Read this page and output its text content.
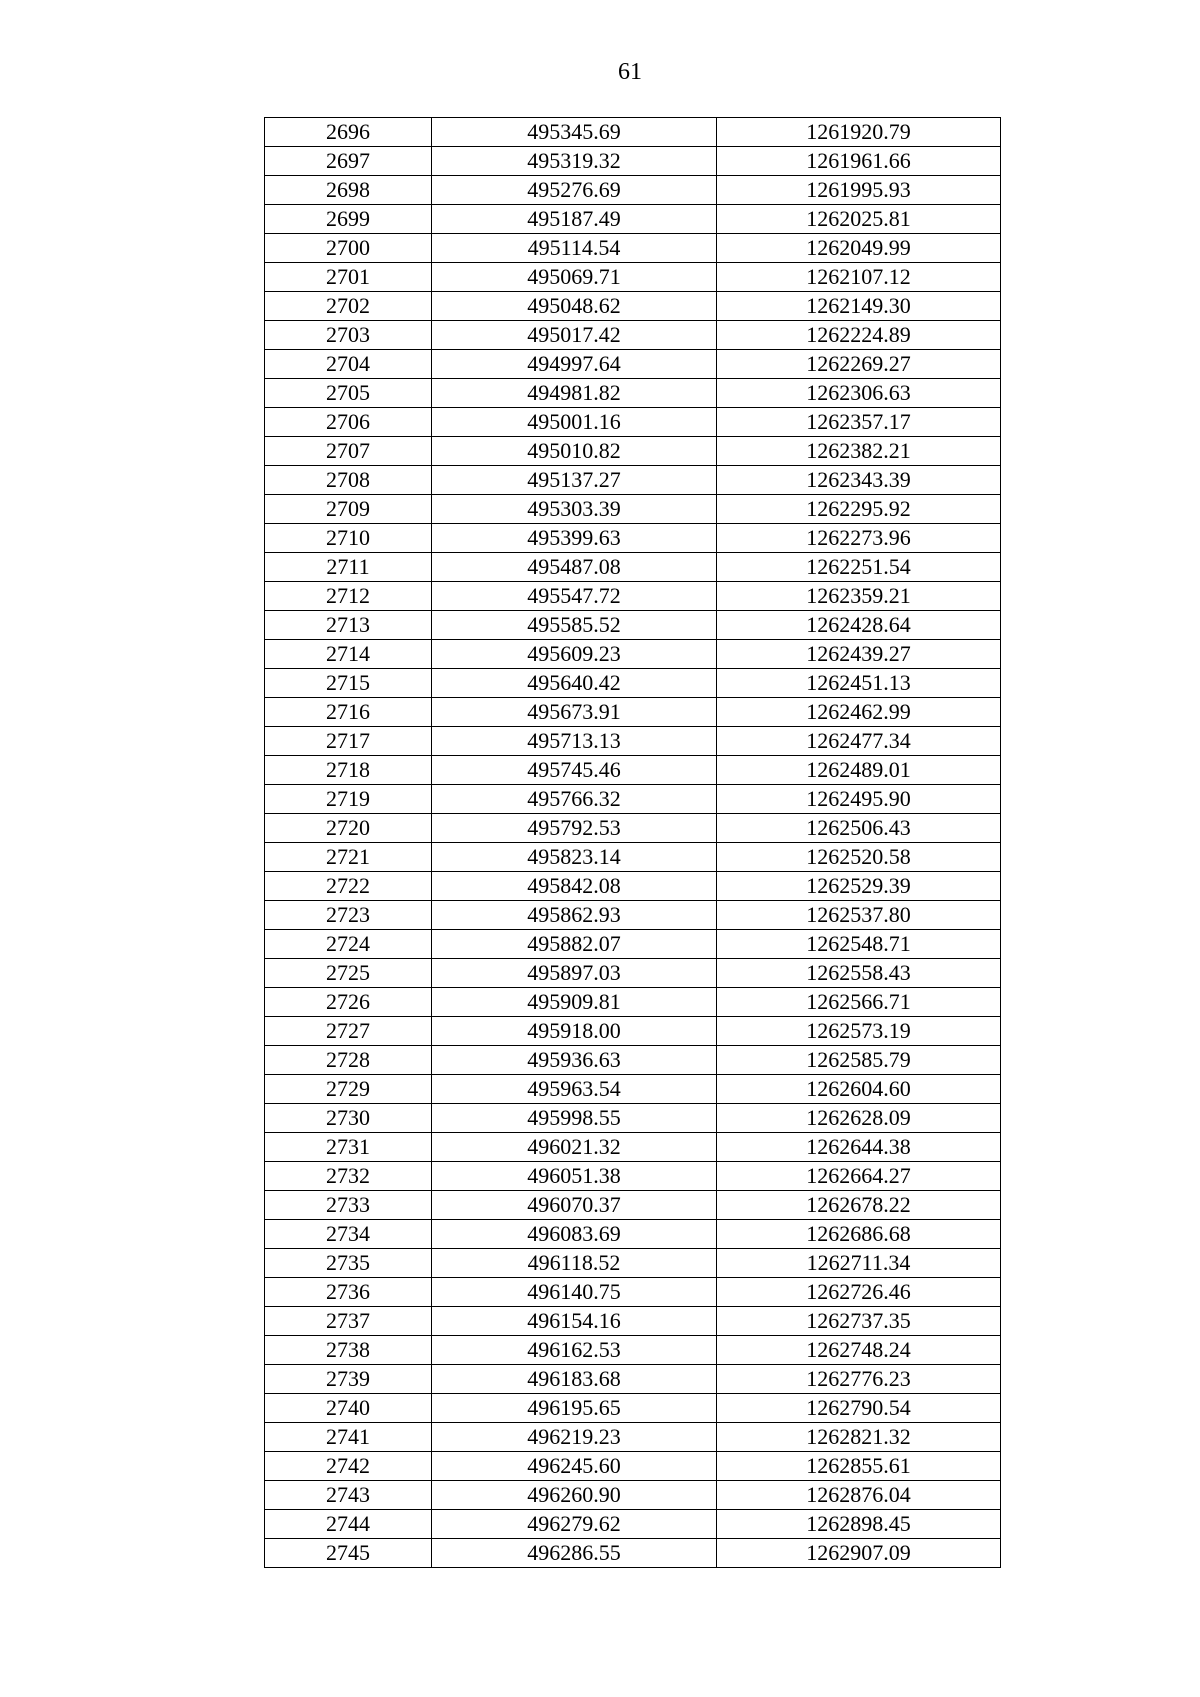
61
2696	495345.69	1261920.79
2697	495319.32	1261961.66
2698	495276.69	1261995.93
2699	495187.49	1262025.81
2700	495114.54	1262049.99
2701	495069.71	1262107.12
2702	495048.62	1262149.30
2703	495017.42	1262224.89
2704	494997.64	1262269.27
2705	494981.82	1262306.63
2706	495001.16	1262357.17
2707	495010.82	1262382.21
2708	495137.27	1262343.39
2709	495303.39	1262295.92
2710	495399.63	1262273.96
2711	495487.08	1262251.54
2712	495547.72	1262359.21
2713	495585.52	1262428.64
2714	495609.23	1262439.27
2715	495640.42	1262451.13
2716	495673.91	1262462.99
2717	495713.13	1262477.34
2718	495745.46	1262489.01
2719	495766.32	1262495.90
2720	495792.53	1262506.43
2721	495823.14	1262520.58
2722	495842.08	1262529.39
2723	495862.93	1262537.80
2724	495882.07	1262548.71
2725	495897.03	1262558.43
2726	495909.81	1262566.71
2727	495918.00	1262573.19
2728	495936.63	1262585.79
2729	495963.54	1262604.60
2730	495998.55	1262628.09
2731	496021.32	1262644.38
2732	496051.38	1262664.27
2733	496070.37	1262678.22
2734	496083.69	1262686.68
2735	496118.52	1262711.34
2736	496140.75	1262726.46
2737	496154.16	1262737.35
2738	496162.53	1262748.24
2739	496183.68	1262776.23
2740	496195.65	1262790.54
2741	496219.23	1262821.32
2742	496245.60	1262855.61
2743	496260.90	1262876.04
2744	496279.62	1262898.45
2745	496286.55	1262907.09
